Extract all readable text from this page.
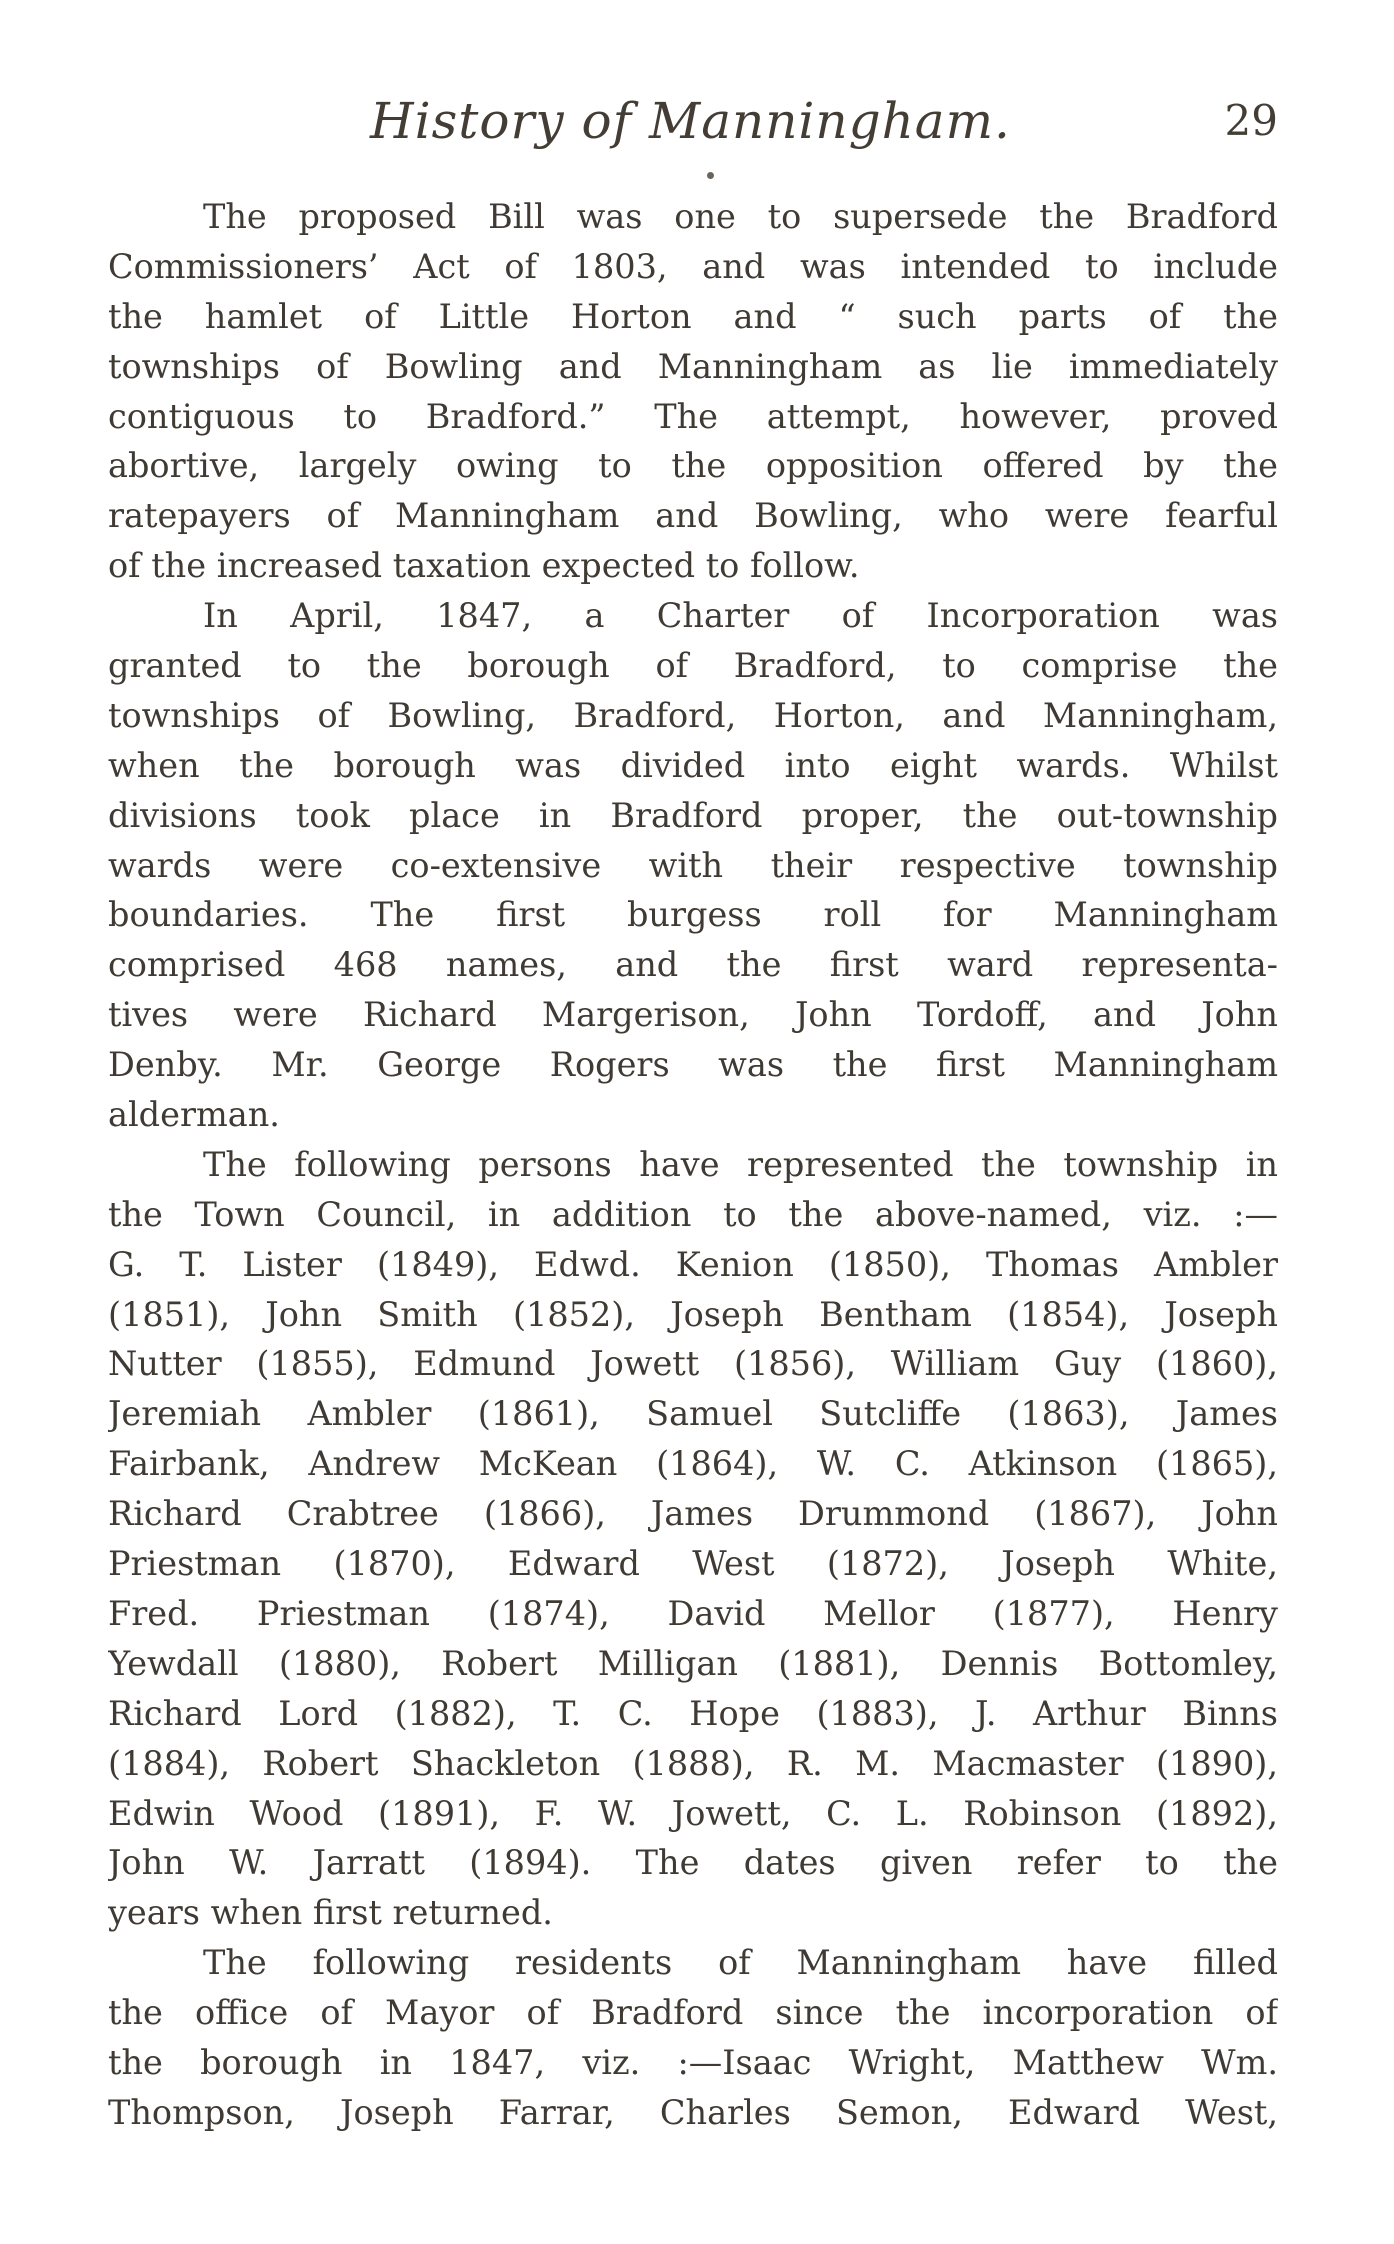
History of Manningham.	29
The proposed Bill was one to supersede the Bradford
Commissioners’ Act of 1803, and was intended to include
the hamlet of Little Horton and “ such parts of the
townships of Bowling and Manningham as lie immediately
contiguous to Bradford.” The attempt, however, proved
abortive, largely owing to the opposition offered by the
ratepayers of Manningham and Bowling, who were fearful
of the increased taxation expected to follow.
In April, 1847, a Charter of Incorporation was
granted to the borough of Bradford, to comprise the
townships of Bowling, Bradford, Horton, and Manningham,
when the borough was divided into eight wards. Whilst
divisions took place in Bradford proper, the out-township
wards were co-extensive with their respective township
boundaries. The first burgess roll for Manningham
comprised 468 names, and the first ward representa-
tives were Richard Margerison, John Tordoff, and John
Denby. Mr. George Rogers was the first Manningham
alderman.
The following persons have represented the township in
the Town Council, in addition to the above-named, viz. :—
G. T. Lister (1849), Edwd. Kenion (1850), Thomas Ambler
(1851), John Smith (1852), Joseph Bentham (1854), Joseph
Nutter (1855), Edmund Jowett (1856), William Guy (1860),
Jeremiah Ambler (1861), Samuel Sutcliffe (1863), James
Fairbank, Andrew McKean (1864), W. C. Atkinson (1865),
Richard Crabtree (1866), James Drummond (1867), John
Priestman (1870), Edward West (1872), Joseph White,
Fred. Priestman (1874), David Mellor (1877), Henry
Yewdall (1880), Robert Milligan (1881), Dennis Bottomley,
Richard Lord (1882), T. C. Hope (1883), J. Arthur Binns
(1884), Robert Shackleton (1888), R. M. Macmaster (1890),
Edwin Wood (1891), F. W. Jowett, C. L. Robinson (1892),
John W. Jarratt (1894). The dates given refer to the
years when first returned.
The following residents of Manningham have filled
the office of Mayor of Bradford since the incorporation of
the borough in 1847, viz. :—Isaac Wright, Matthew Wm.
Thompson, Joseph Farrar, Charles Semon, Edward West,
